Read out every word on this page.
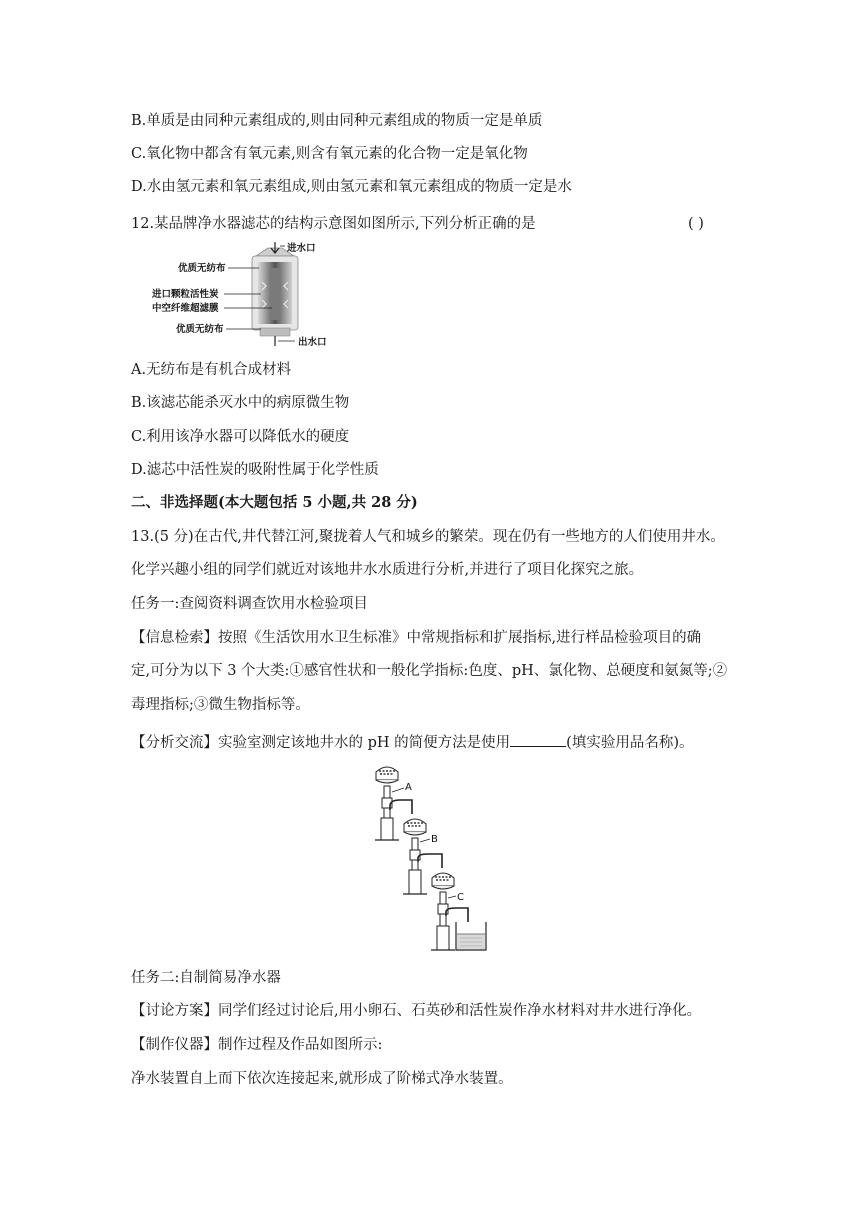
B.单质是由同种元素组成的,则由同种元素组成的物质一定是单质
C.氧化物中都含有氧元素,则含有氧元素的化合物一定是氧化物
D.水由氢元素和氧元素组成,则由氢元素和氧元素组成的物质一定是水
12.某品牌净水器滤芯的结构示意图如图所示,下列分析正确的是	( )
进水口
出水口
优质无纺布
进口颗粒活性炭
中空纤维超滤膜
优质无纺布
A.无纺布是有机合成材料
B.该滤芯能杀灭水中的病原微生物
C.利用该净水器可以降低水的硬度
D.滤芯中活性炭的吸附性属于化学性质
二、非选择题(本大题包括 5 小题,共 28 分)
13.(5 分)在古代,井代替江河,聚拢着人气和城乡的繁荣。现在仍有一些地方的人们使用井水。
化学兴趣小组的同学们就近对该地井水水质进行分析,并进行了项目化探究之旅。
任务一:查阅资料调查饮用水检验项目
【信息检索】按照《生活饮用水卫生标准》中常规指标和扩展指标,进行样品检验项目的确
定,可分为以下 3 个大类:①感官性状和一般化学指标:色度、pH、氯化物、总硬度和氨氮等;②
毒理指标;③微生物指标等。
【分析交流】实验室测定该地井水的 pH 的简便方法是使用	(填实验用品名称)。
A
B
C
任务二:自制简易净水器
【讨论方案】同学们经过讨论后,用小卵石、石英砂和活性炭作净水材料对井水进行净化。
【制作仪器】制作过程及作品如图所示:
净水装置自上而下依次连接起来,就形成了阶梯式净水装置。
